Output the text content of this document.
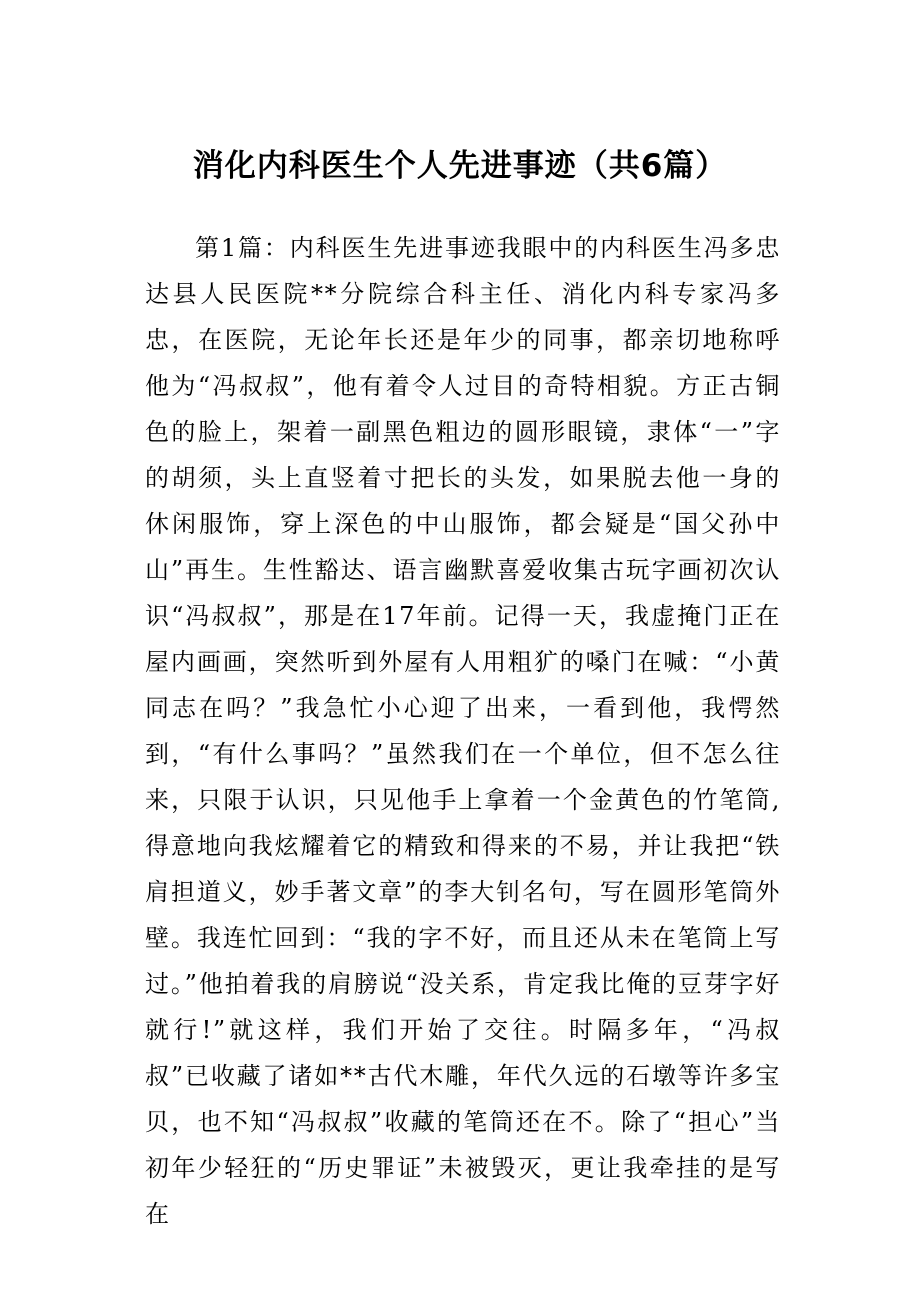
消化内科医生个人先进事迹（共6篇）

第1篇：内科医生先进事迹我眼中的内科医生冯多忠达县人民医院**分院综合科主任、消化内科专家冯多忠，在医院，无论年长还是年少的同事，都亲切地称呼他为“冯叔叔”，他有着令人过目的奇特相貌。方正古铜色的脸上，架着一副黑色粗边的圆形眼镜，隶体“一”字的胡须，头上直竖着寸把长的头发，如果脱去他一身的休闲服饰，穿上深色的中山服饰，都会疑是“国父孙中山”再生。生性豁达、语言幽默喜爱收集古玩字画初次认识“冯叔叔”，那是在17年前。记得一天，我虚掩门正在屋内画画，突然听到外屋有人用粗犷的嗓门在喊：“小黄同志在吗？”我急忙小心迎了出来，一看到他，我愕然到，“有什么事吗？”虽然我们在一个单位，但不怎么往来，只限于认识，只见他手上拿着一个金黄色的竹笔筒,得意地向我炫耀着它的精致和得来的不易，并让我把“铁肩担道义，妙手著文章”的李大钊名句，写在圆形笔筒外壁。我连忙回到：“我的字不好，而且还从未在笔筒上写过。”他拍着我的肩膀说“没关系，肯定我比俺的豆芽字好就行!”就这样，我们开始了交往。时隔多年，“冯叔叔”已收藏了诸如**古代木雕，年代久远的石墩等许多宝贝，也不知“冯叔叔”收藏的笔筒还在不。除了“担心”当初年少轻狂的“历史罪证”未被毁灭，更让我牵挂的是写在
